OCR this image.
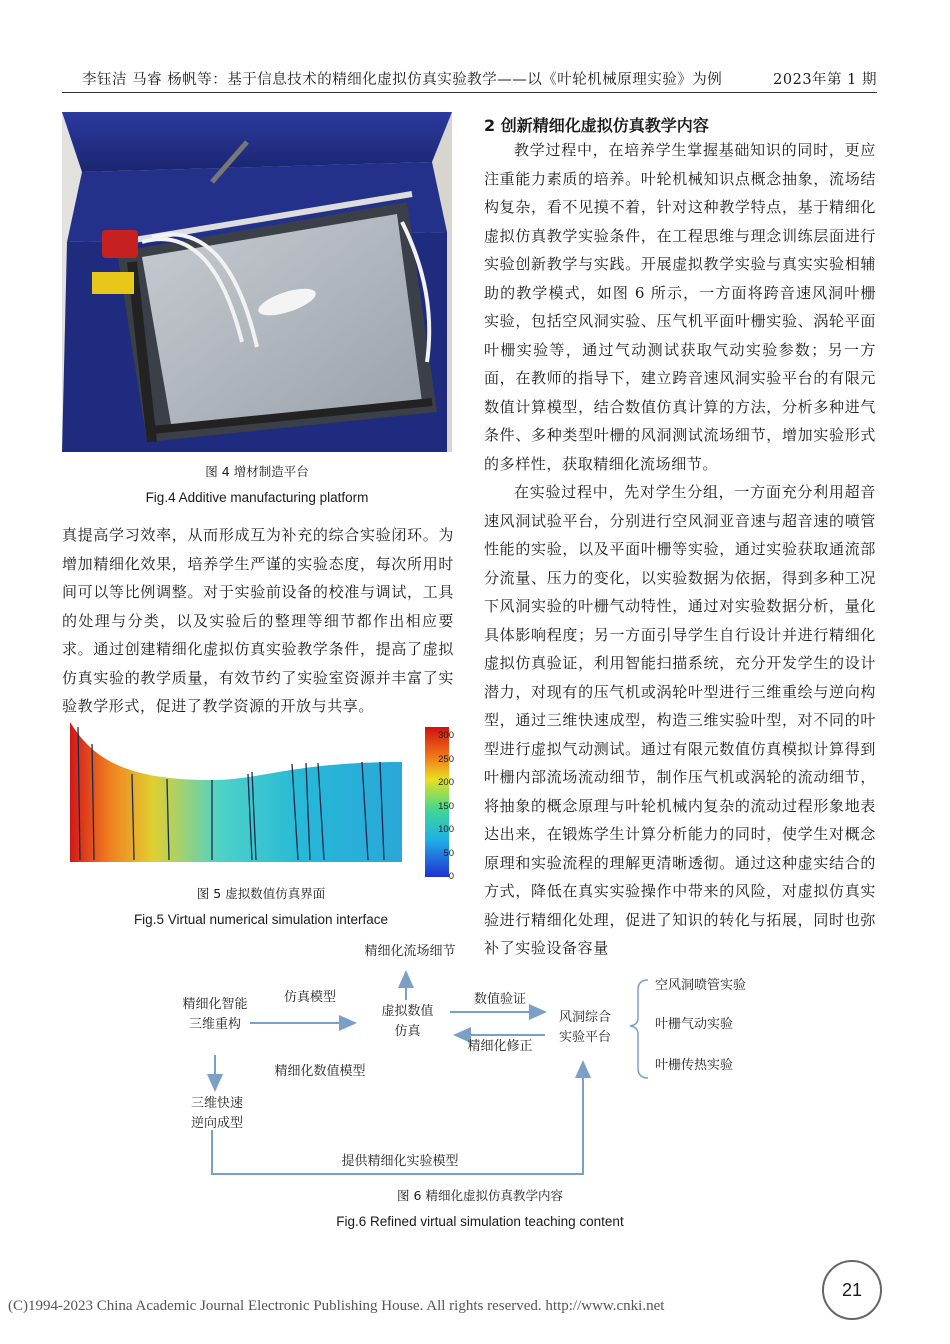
李钰洁 马睿 杨帆等：基于信息技术的精细化虚拟仿真实验教学——以《叶轮机械原理实验》为例	2023年第 1 期
图 4 增材制造平台
Fig.4 Additive manufacturing platform

真提高学习效率，从而形成互为补充的综合实验闭环。为增加精细化效果，培养学生严谨的实验态度，每次所用时间可以等比例调整。对于实验前设备的校准与调试，工具的处理与分类，以及实验后的整理等细节都作出相应要求。通过创建精细化虚拟仿真实验教学条件，提高了虚拟仿真实验的教学质量，有效节约了实验室资源并丰富了实验教学形式，促进了教学资源的开放与共享。

300
250
200
150
100
50
0
图 5 虚拟数值仿真界面
Fig.5 Virtual numerical simulation interface
2 创新精细化虚拟仿真教学内容

教学过程中，在培养学生掌握基础知识的同时，更应注重能力素质的培养。叶轮机械知识点概念抽象，流场结构复杂，看不见摸不着，针对这种教学特点，基于精细化虚拟仿真教学实验条件，在工程思维与理念训练层面进行实验创新教学与实践。开展虚拟教学实验与真实实验相辅助的教学模式，如图 6 所示，一方面将跨音速风洞叶栅实验，包括空风洞实验、压气机平面叶栅实验、涡轮平面叶栅实验等，通过气动测试获取气动实验参数；另一方面，在教师的指导下，建立跨音速风洞实验平台的有限元数值计算模型，结合数值仿真计算的方法，分析多种进气条件、多种类型叶栅的风洞测试流场细节，增加实验形式的多样性，获取精细化流场细节。

在实验过程中，先对学生分组，一方面充分利用超音速风洞试验平台，分别进行空风洞亚音速与超音速的喷管性能的实验，以及平面叶栅等实验，通过实验获取通流部分流量、压力的变化，以实验数据为依据，得到多种工况下风洞实验的叶栅气动特性，通过对实验数据分析，量化具体影响程度；另一方面引导学生自行设计并进行精细化虚拟仿真验证，利用智能扫描系统，充分开发学生的设计潜力，对现有的压气机或涡轮叶型进行三维重绘与逆向构型，通过三维快速成型，构造三维实验叶型，对不同的叶型进行虚拟气动测试。通过有限元数值仿真模拟计算得到叶栅内部流场流动细节，制作压气机或涡轮的流动细节，将抽象的概念原理与叶轮机械内复杂的流动过程形象地表达出来，在锻炼学生计算分析能力的同时，使学生对概念原理和实验流程的理解更清晰透彻。通过这种虚实结合的方式，降低在真实实验操作中带来的风险，对虚拟仿真实验进行精细化处理，促进了知识的转化与拓展，同时也弥补了实验设备容量

精细化流场细节
精细化智能
三维重构
仿真模型
虚拟数值
仿真
数值验证
精细化修正
风洞综合
实验平台
空风洞喷管实验
叶栅气动实验
叶栅传热实验
精细化数值模型
三维快速
逆向成型
提供精细化实验模型
图 6 精细化虚拟仿真教学内容
Fig.6 Refined virtual simulation teaching content
21
(C)1994-2023 China Academic Journal Electronic Publishing House. All rights reserved. http://www.cnki.net
